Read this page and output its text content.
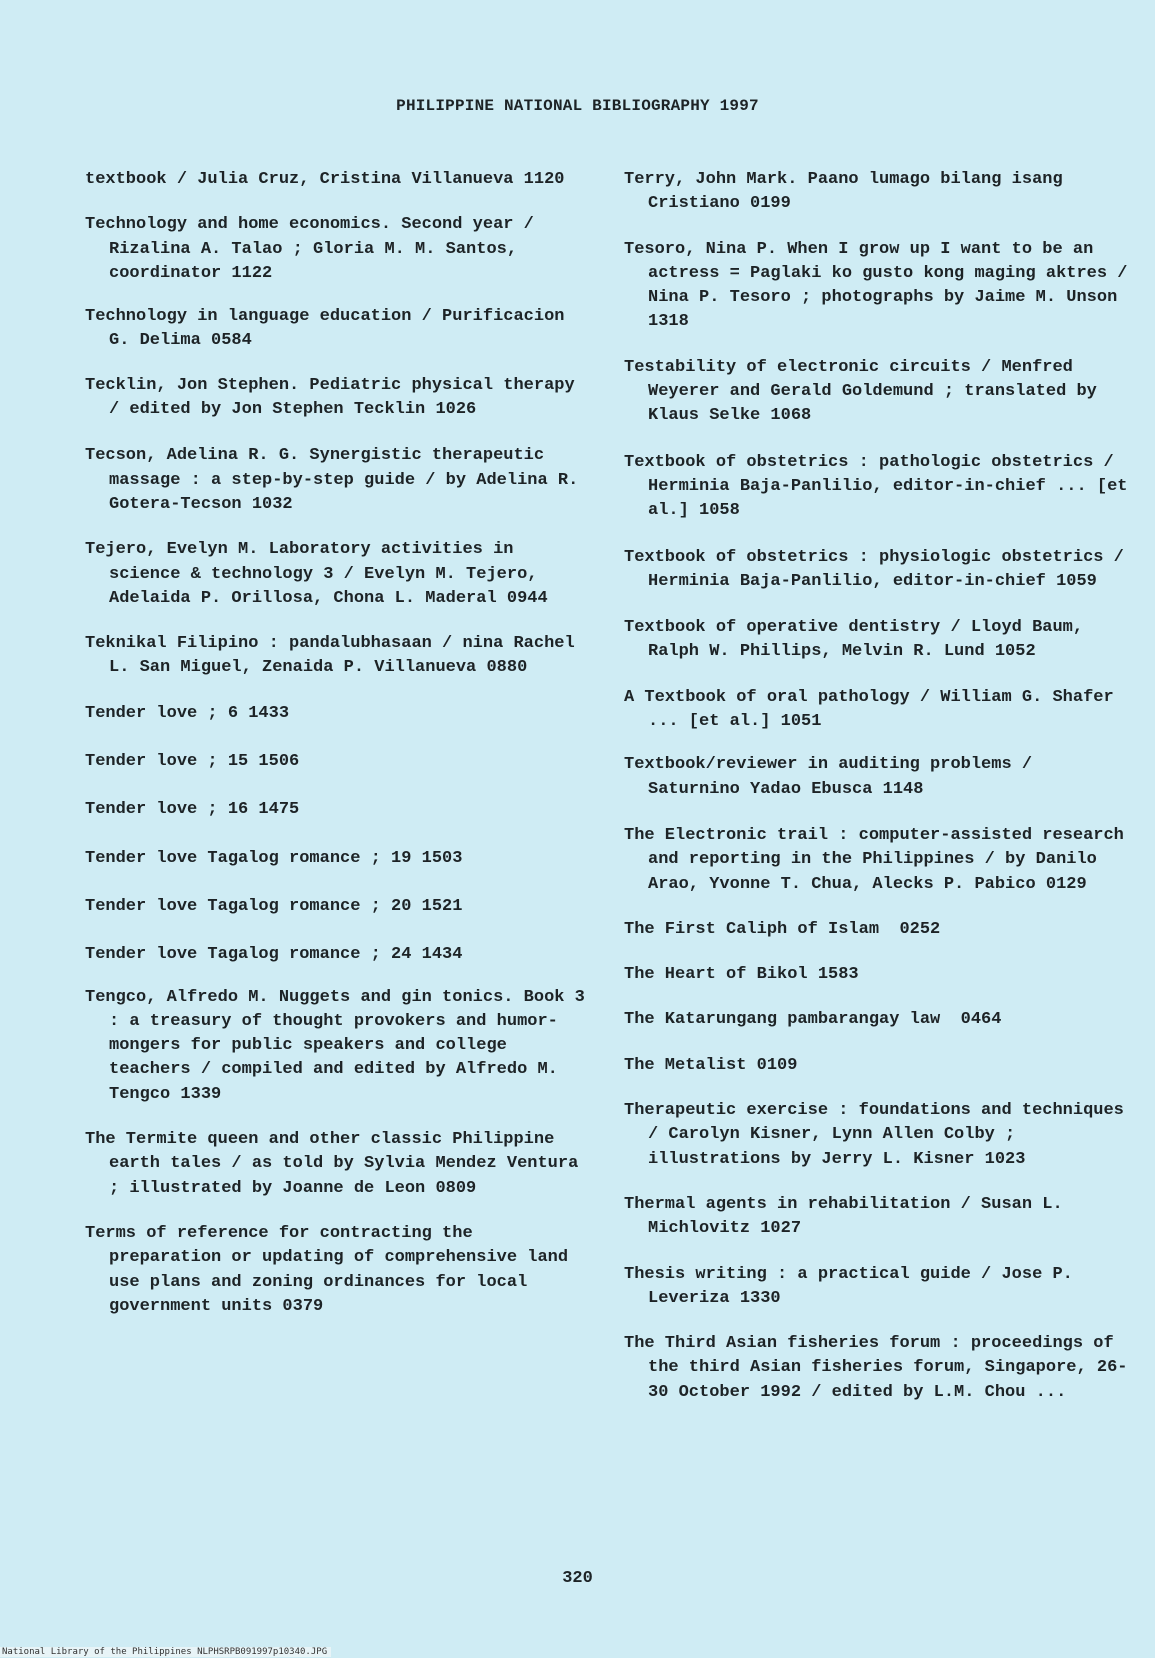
PHILIPPINE NATIONAL BIBLIOGRAPHY 1997
textbook / Julia Cruz, Cristina Villanueva 1120
Technology and home economics. Second year / Rizalina A. Talao ; Gloria M. M. Santos, coordinator 1122
Technology in language education / Purificacion G. Delima 0584
Tecklin, Jon Stephen. Pediatric physical therapy / edited by Jon Stephen Tecklin 1026
Tecson, Adelina R. G. Synergistic therapeutic massage : a step-by-step guide / by Adelina R. Gotera-Tecson 1032
Tejero, Evelyn M. Laboratory activities in science & technology 3 / Evelyn M. Tejero, Adelaida P. Orillosa, Chona L. Maderal 0944
Teknikal Filipino : pandalubhasaan / nina Rachel L. San Miguel, Zenaida P. Villanueva 0880
Tender love ; 6 1433
Tender love ; 15 1506
Tender love ; 16 1475
Tender love Tagalog romance ; 19 1503
Tender love Tagalog romance ; 20 1521
Tender love Tagalog romance ; 24 1434
Tengco, Alfredo M. Nuggets and gin tonics. Book 3 : a treasury of thought provokers and humor-mongers for public speakers and college teachers / compiled and edited by Alfredo M. Tengco 1339
The Termite queen and other classic Philippine earth tales / as told by Sylvia Mendez Ventura ; illustrated by Joanne de Leon 0809
Terms of reference for contracting the preparation or updating of comprehensive land use plans and zoning ordinances for local government units 0379
Terry, John Mark. Paano lumago bilang isang Cristiano 0199
Tesoro, Nina P. When I grow up I want to be an actress = Paglaki ko gusto kong maging aktres / Nina P. Tesoro ; photographs by Jaime M. Unson 1318
Testability of electronic circuits / Menfred Weyerer and Gerald Goldemund ; translated by Klaus Selke 1068
Textbook of obstetrics : pathologic obstetrics / Herminia Baja-Panlilio, editor-in-chief ... [et al.] 1058
Textbook of obstetrics : physiologic obstetrics / Herminia Baja-Panlilio, editor-in-chief 1059
Textbook of operative dentistry / Lloyd Baum, Ralph W. Phillips, Melvin R. Lund 1052
A Textbook of oral pathology / William G. Shafer ... [et al.] 1051
Textbook/reviewer in auditing problems / Saturnino Yadao Ebusca 1148
The Electronic trail : computer-assisted research and reporting in the Philippines / by Danilo Arao, Yvonne T. Chua, Alecks P. Pabico 0129
The First Caliph of Islam  0252
The Heart of Bikol 1583
The Katarungang pambarangay law  0464
The Metalist 0109
Therapeutic exercise : foundations and techniques / Carolyn Kisner, Lynn Allen Colby ; illustrations by Jerry L. Kisner 1023
Thermal agents in rehabilitation / Susan L. Michlovitz 1027
Thesis writing : a practical guide / Jose P. Leveriza 1330
The Third Asian fisheries forum : proceedings of the third Asian fisheries forum, Singapore, 26-30 October 1992 / edited by L.M. Chou ...
320
National Library of the Philippines NLPHSRPB091997p10340.JPG
